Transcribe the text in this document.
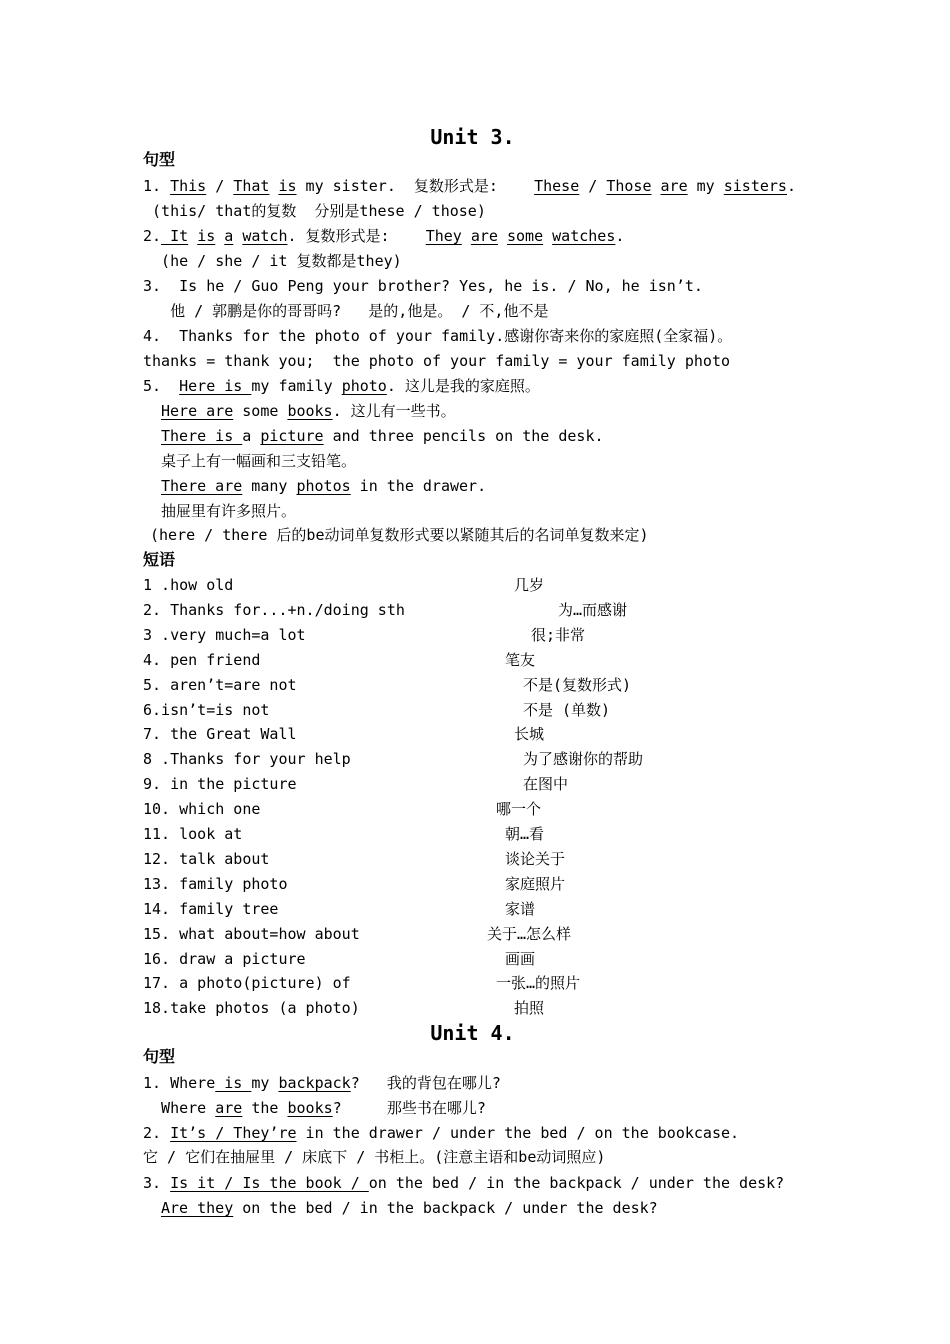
Unit 3.
句型
1. This / That is my sister.  复数形式是:    These / Those are my sisters.
(this/ that的复数  分别是these / those)
2. It is a watch. 复数形式是:    They are some watches.
(he / she / it 复数都是they)
3.  Is he / Guo Peng your brother? Yes, he is. / No, he isn’t.
他 / 郭鹏是你的哥哥吗?   是的,他是。 / 不,他不是
4.  Thanks for the photo of your family.感谢你寄来你的家庭照(全家福)。
thanks = thank you;  the photo of your family = your family photo
5.  Here is my family photo. 这儿是我的家庭照。
Here are some books. 这儿有一些书。
There is a picture and three pencils on the desk.
桌子上有一幅画和三支铅笔。
There are many photos in the drawer.
抽屉里有许多照片。
(here / there 后的be动词单复数形式要以紧随其后的名词单复数来定)
短语
1 .how old	几岁
2. Thanks for...+n./doing sth	为…而感谢
3 .very much=a lot	很;非常
4. pen friend	笔友
5. aren’t=are not	不是(复数形式)
6.isn’t=is not	不是 (单数)
7. the Great Wall	长城
8 .Thanks for your help	为了感谢你的帮助
9. in the picture	在图中
10. which one	哪一个
11. look at	朝…看
12. talk about	谈论关于
13. family photo	家庭照片
14. family tree	家谱
15. what about=how about	关于…怎么样
16. draw a picture	画画
17. a photo(picture) of	一张…的照片
18.take photos (a photo)	拍照
Unit 4.
句型
1. Where is my backpack?   我的背包在哪儿?
Where are the books?     那些书在哪儿?
2. It’s / They’re in the drawer / under the bed / on the bookcase.
它 / 它们在抽屉里 / 床底下 / 书柜上。(注意主语和be动词照应)
3. Is it / Is the book / on the bed / in the backpack / under the desk?
Are they on the bed / in the backpack / under the desk?
